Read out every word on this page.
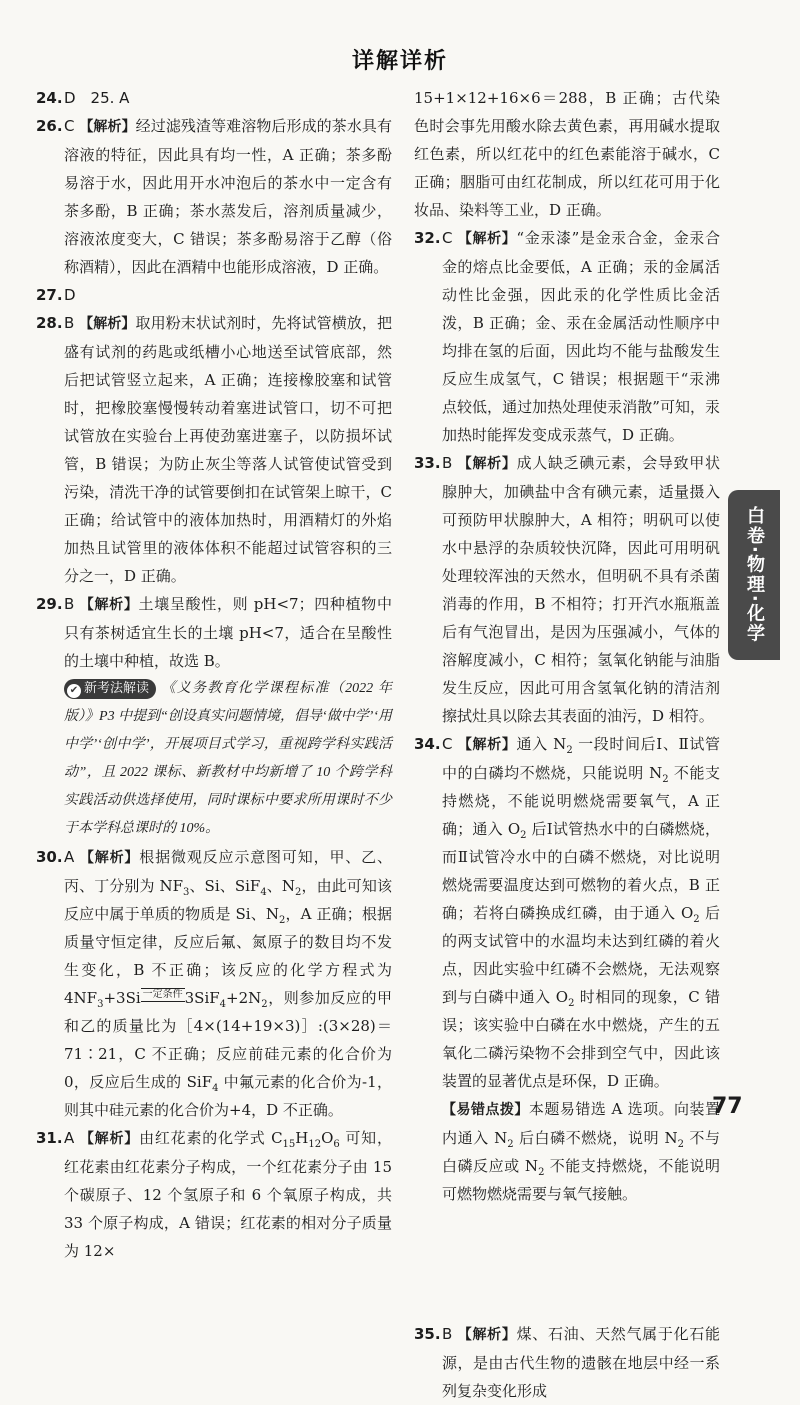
详解详析

24. D　25. A

26. C 【解析】经过滤残渣等难溶物后形成的茶水具有溶液的特征，因此具有均一性，A 正确；茶多酚易溶于水，因此用开水冲泡后的茶水中一定含有茶多酚，B 正确；茶水蒸发后，溶剂质量减少，溶液浓度变大，C 错误；茶多酚易溶于乙醇（俗称酒精），因此在酒精中也能形成溶液，D 正确。

27. D

28. B 【解析】取用粉末状试剂时，先将试管横放，把盛有试剂的药匙或纸槽小心地送至试管底部，然后把试管竖立起来，A 正确；连接橡胶塞和试管时，把橡胶塞慢慢转动着塞进试管口，切不可把试管放在实验台上再使劲塞进塞子，以防损坏试管，B 错误；为防止灰尘等落人试管使试管受到污染，清洗干净的试管要倒扣在试管架上晾干，C 正确；给试管中的液体加热时，用酒精灯的外焰加热且试管里的液体体积不能超过试管容积的三分之一，D 正确。

29. B 【解析】土壤呈酸性，则 pH<7；四种植物中只有茶树适宜生长的土壤 pH<7，适合在呈酸性的土壤中种植，故选 B。

✔ 新考法解读 《义务教育化学课程标准（2022 年版）》P3 中提到“创设真实问题情境，倡导‘做中学’‘用中学’‘创中学’，开展项目式学习，重视跨学科实践活动”，且 2022 课标、新教材中均新增了 10 个跨学科实践活动供选择使用，同时课标中要求所用课时不少于本学科总课时的 10%。

30. A 【解析】根据微观反应示意图可知，甲、乙、丙、丁分别为 $NF_3$、Si、SiF$_4$、$N_2$，由此可知该反应中属于单质的物质是 Si、$N_2$，A 正确；根据质量守恒定律，反应后氟、氮原子的数目均不发生变化，B 不正确；该反应的化学方程式为 $4NF_3+3Si$ 一定条件 $3SiF_4+2N_2$，则参加反应的甲和乙的质量比为［4×(14+19×3)］:(3×28)＝71∶21，C 不正确；反应前硅元素的化合价为 0，反应后生成的 SiF$_4$ 中氟元素的化合价为-1，则其中硅元素的化合价为+4，D 不正确。

31. A 【解析】由红花素的化学式 $C_{15}H_{12}O_6$ 可知，红花素由红花素分子构成，一个红花素分子由 15 个碳原子、12 个氢原子和 6 个氧原子构成，共 33 个原子构成，A 错误；红花素的相对分子质量为 12×

15+1×12+16×6＝288，B 正确；古代染色时会事先用酸水除去黄色素，再用碱水提取红色素，所以红花中的红色素能溶于碱水，C 正确；胭脂可由红花制成，所以红花可用于化妆品、染料等工业，D 正确。

32. C 【解析】“金汞漆”是金汞合金，金汞合金的熔点比金要低，A 正确；汞的金属活动性比金强，因此汞的化学性质比金活泼，B 正确；金、汞在金属活动性顺序中均排在氢的后面，因此均不能与盐酸发生反应生成氢气，C 错误；根据题干“汞沸点较低，通过加热处理使汞消散”可知，汞加热时能挥发变成汞蒸气，D 正确。

33. B 【解析】成人缺乏碘元素，会导致甲状腺肿大，加碘盐中含有碘元素，适量摄入可预防甲状腺肿大，A 相符；明矾可以使水中悬浮的杂质较快沉降，因此可用明矾处理较浑浊的天然水，但明矾不具有杀菌消毒的作用，B 不相符；打开汽水瓶瓶盖后有气泡冒出，是因为压强减小，气体的溶解度减小，C 相符；氢氧化钠能与油脂发生反应，因此可用含氢氧化钠的清洁剂擦拭灶具以除去其表面的油污，D 相符。

34. C 【解析】通入 $N_2$ 一段时间后Ⅰ、Ⅱ试管中的白磷均不燃烧，只能说明 $N_2$ 不能支持燃烧，不能说明燃烧需要氧气，A 正确；通入 $O_2$ 后Ⅰ试管热水中的白磷燃烧，而Ⅱ试管冷水中的白磷不燃烧，对比说明燃烧需要温度达到可燃物的着火点，B 正确；若将白磷换成红磷，由于通入 $O_2$ 后的两支试管中的水温均未达到红磷的着火点，因此实验中红磷不会燃烧，无法观察到与白磷中通入 $O_2$ 时相同的现象，C 错误；该实验中白磷在水中燃烧，产生的五氧化二磷污染物不会排到空气中，因此该装置的显著优点是环保，D 正确。

【易错点拨】本题易错选 A 选项。向装置内通入 $N_2$ 后白磷不燃烧，说明 $N_2$ 不与白磷反应或 $N_2$ 不能支持燃烧，不能说明可燃物燃烧需要与氧气接触。

35. B 【解析】煤、石油、天然气属于化石能源，是由古代生物的遗骸在地层中经一系列复杂变化形成

白卷·物理·化学
77
